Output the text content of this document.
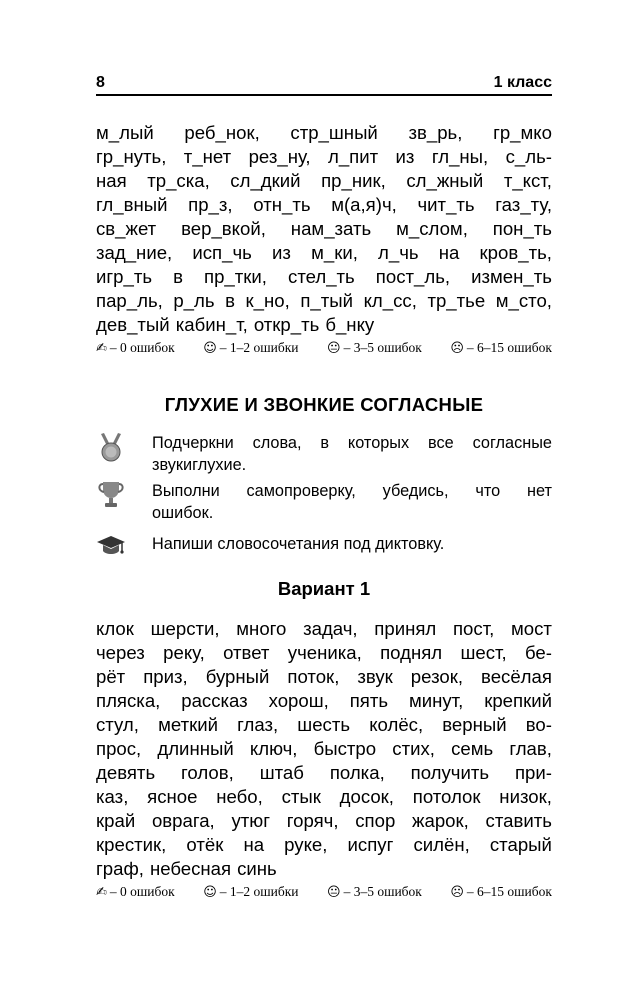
8	1 класс
м_лый реб_нок, стр_шный зв_рь, гр_мко
гр_нуть, т_нет рез_ну, л_пит из гл_ны, с_ль-
ная тр_ска, сл_дкий пр_ник, сл_жный т_кст,
гл_вный пр_з, отн_ть м(а,я)ч, чит_ть газ_ту,
св_жет вер_вкой, нам_зать м_слом, пон_ть
зад_ние, исп_чь из м_ки, л_чь на кров_ть,
игр_ть в пр_тки, стел_ть пост_ль, измен_ть
пар_ль, р_ль в к_но, п_тый кл_сс, тр_тье м_сто,
дев_тый кабин_т, откр_ть б_нку
✍ – 0 ошибок ☺ – 1–2 ошибки 😐 – 3–5 ошибок ☹ – 6–15 ошибок
ГЛУХИЕ И ЗВОНКИЕ СОГЛАСНЫЕ
Подчеркни слова, в которых все согласные
звуки глухие.
Выполни самопроверку, убедись, что нет
ошибок.
Напиши словосочетания под диктовку.
Вариант 1
клок шерсти, много задач, принял пост, мост
через реку, ответ ученика, поднял шест, бе-
рёт приз, бурный поток, звук резок, весёлая
пляска, рассказ хорош, пять минут, крепкий
стул, меткий глаз, шесть колёс, верный во-
прос, длинный ключ, быстро стих, семь глав,
девять голов, штаб полка, получить при-
каз, ясное небо, стык досок, потолок низок,
край оврага, утюг горяч, спор жарок, ставить
крестик, отёк на руке, испуг силён, старый
граф, небесная синь
✍ – 0 ошибок ☺ – 1–2 ошибки 😐 – 3–5 ошибок ☹ – 6–15 ошибок
